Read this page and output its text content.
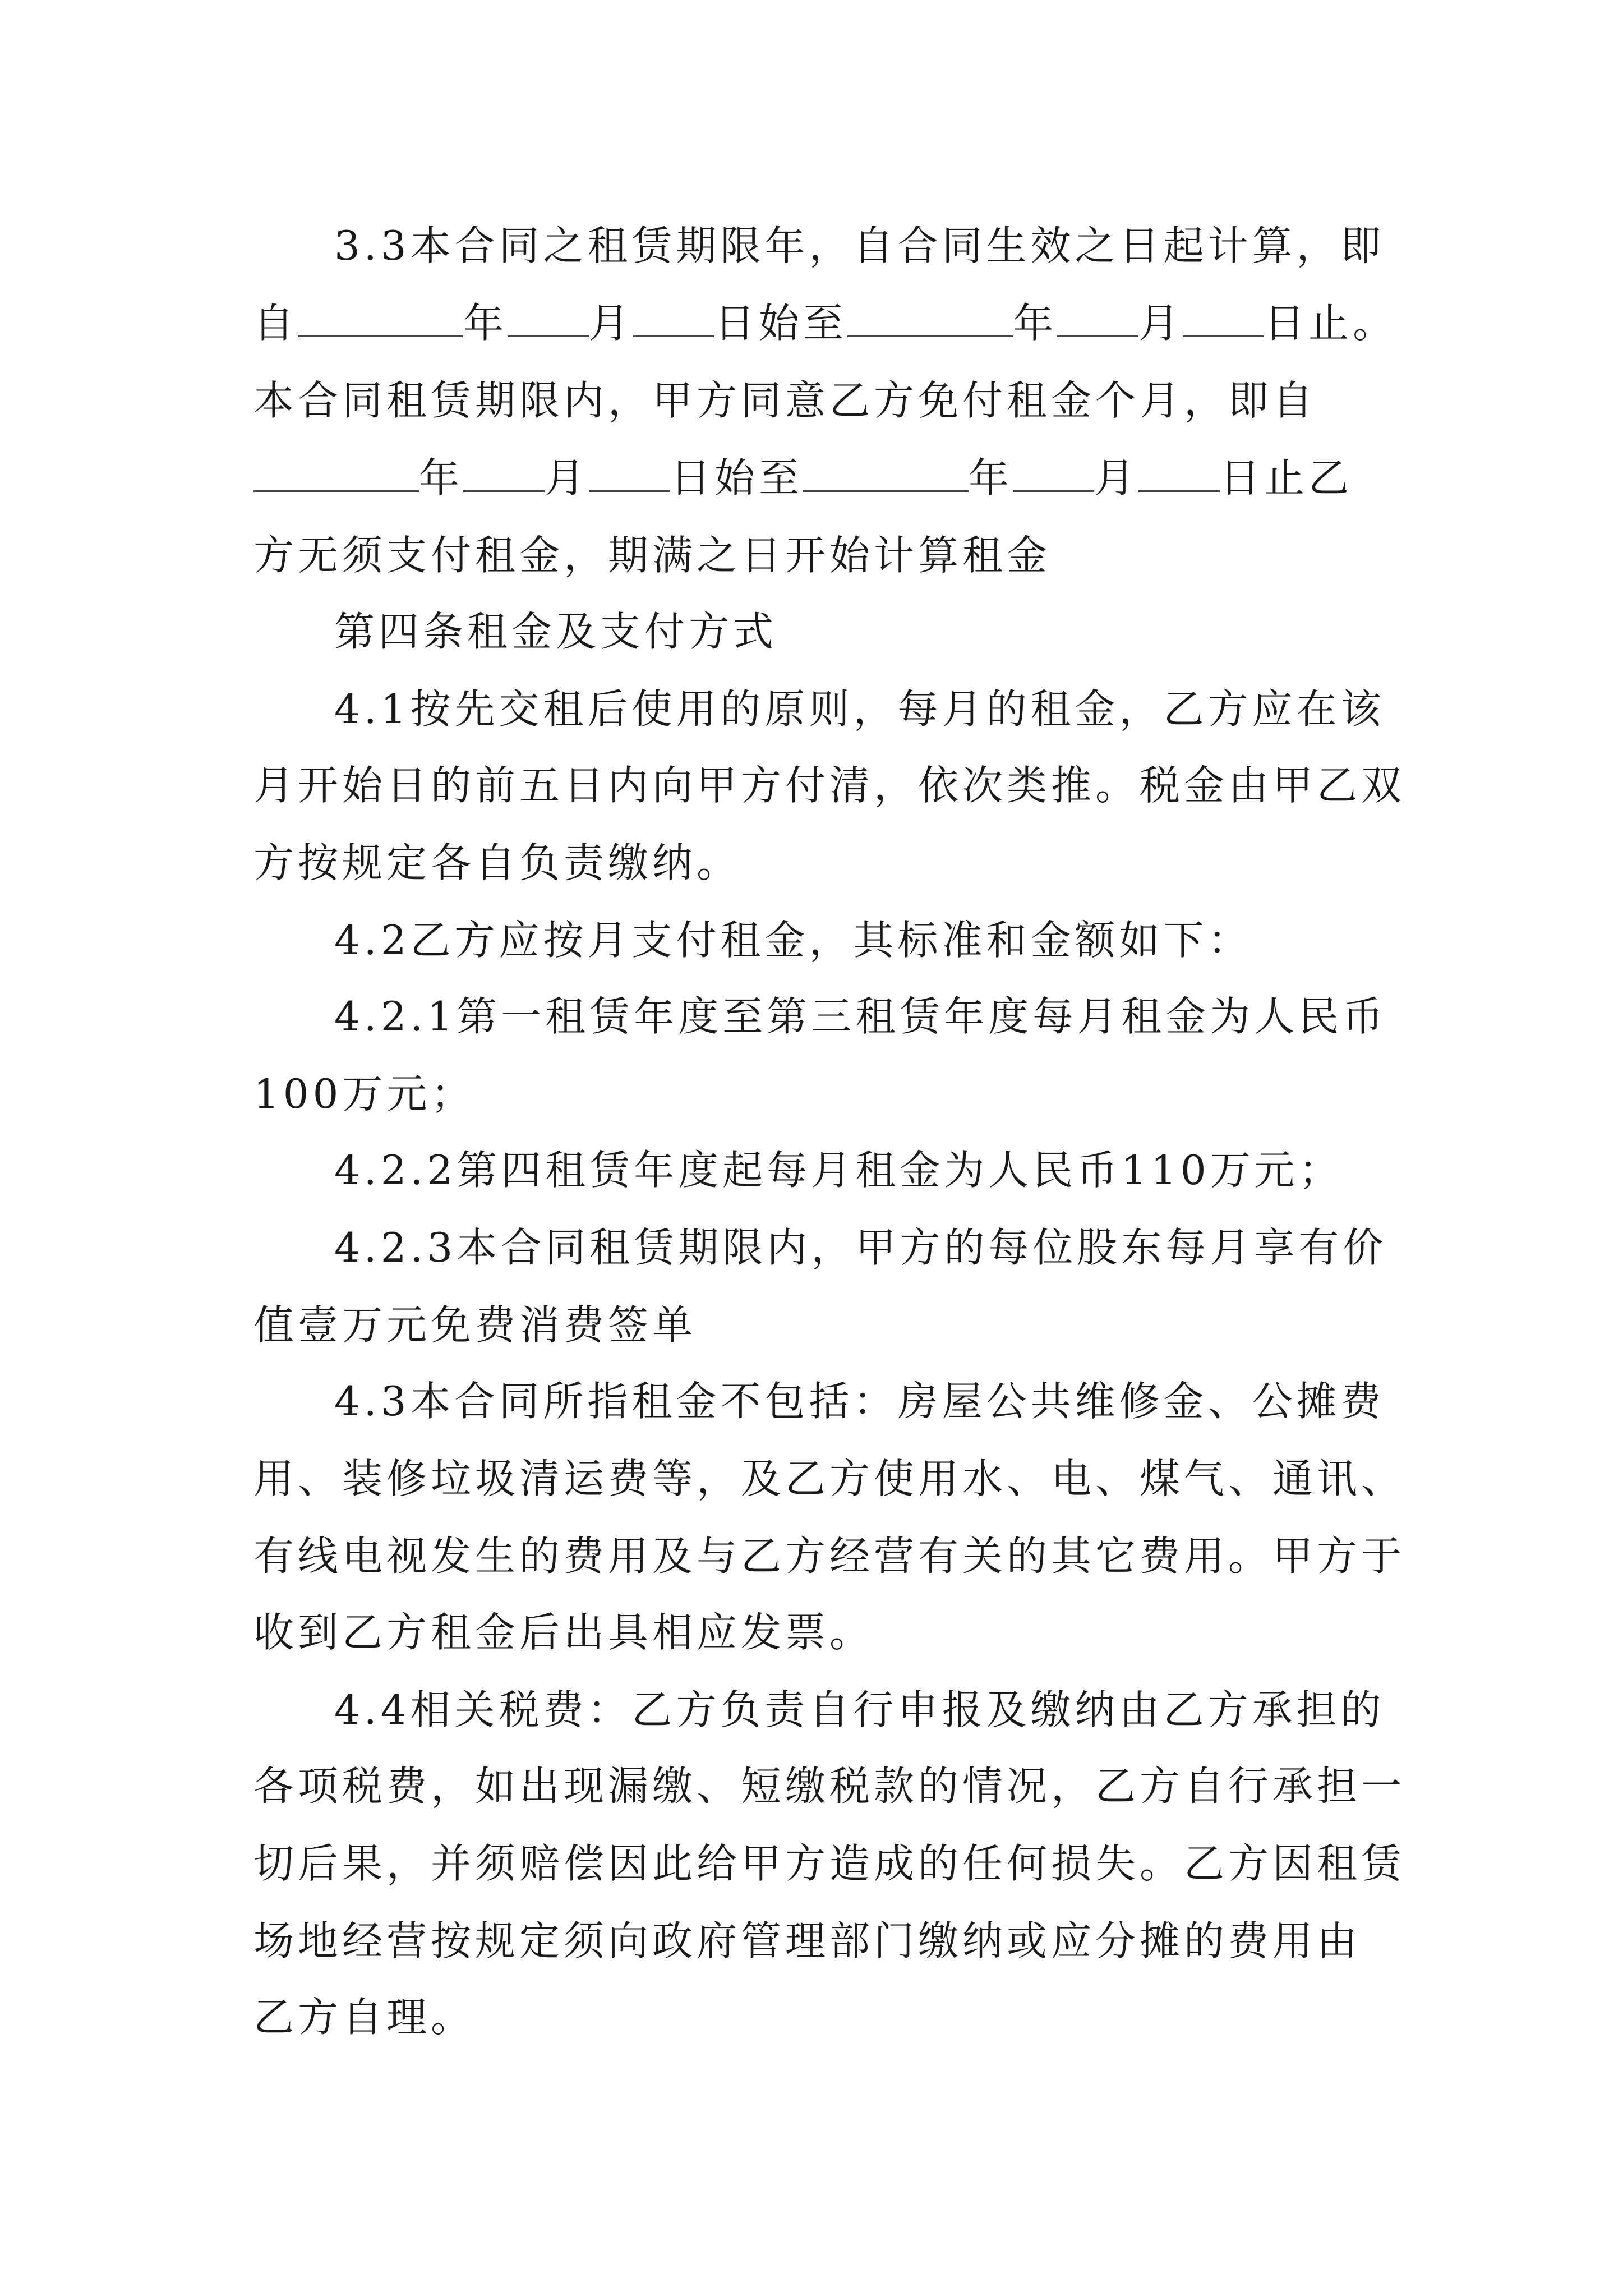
3.3本合同之租赁期限年，自合同生效之日起计算，即
自	年 月 日始至	年 月 日止。
本合同租赁期限内，甲方同意乙方免付租金个月，即自
年 月 日始至	年 月 日止乙
方无须支付租金，期满之日开始计算租金
第四条租金及支付方式
4.1按先交租后使用的原则，每月的租金，乙方应在该
月开始日的前五日内向甲方付清，依次类推。税金由甲乙双
方按规定各自负责缴纳。
4.2乙方应按月支付租金，其标准和金额如下：
4.2.1第一租赁年度至第三租赁年度每月租金为人民币
100万元；
4.2.2第四租赁年度起每月租金为人民币110万元；
4.2.3本合同租赁期限内，甲方的每位股东每月享有价
值壹万元免费消费签单
4.3本合同所指租金不包括：房屋公共维修金、公摊费
用、装修垃圾清运费等，及乙方使用水、电、煤气、通讯、
有线电视发生的费用及与乙方经营有关的其它费用。甲方于
收到乙方租金后出具相应发票。
4.4相关税费：乙方负责自行申报及缴纳由乙方承担的
各项税费，如出现漏缴、短缴税款的情况，乙方自行承担一
切后果，并须赔偿因此给甲方造成的任何损失。乙方因租赁
场地经营按规定须向政府管理部门缴纳或应分摊的费用由
乙方自理。
